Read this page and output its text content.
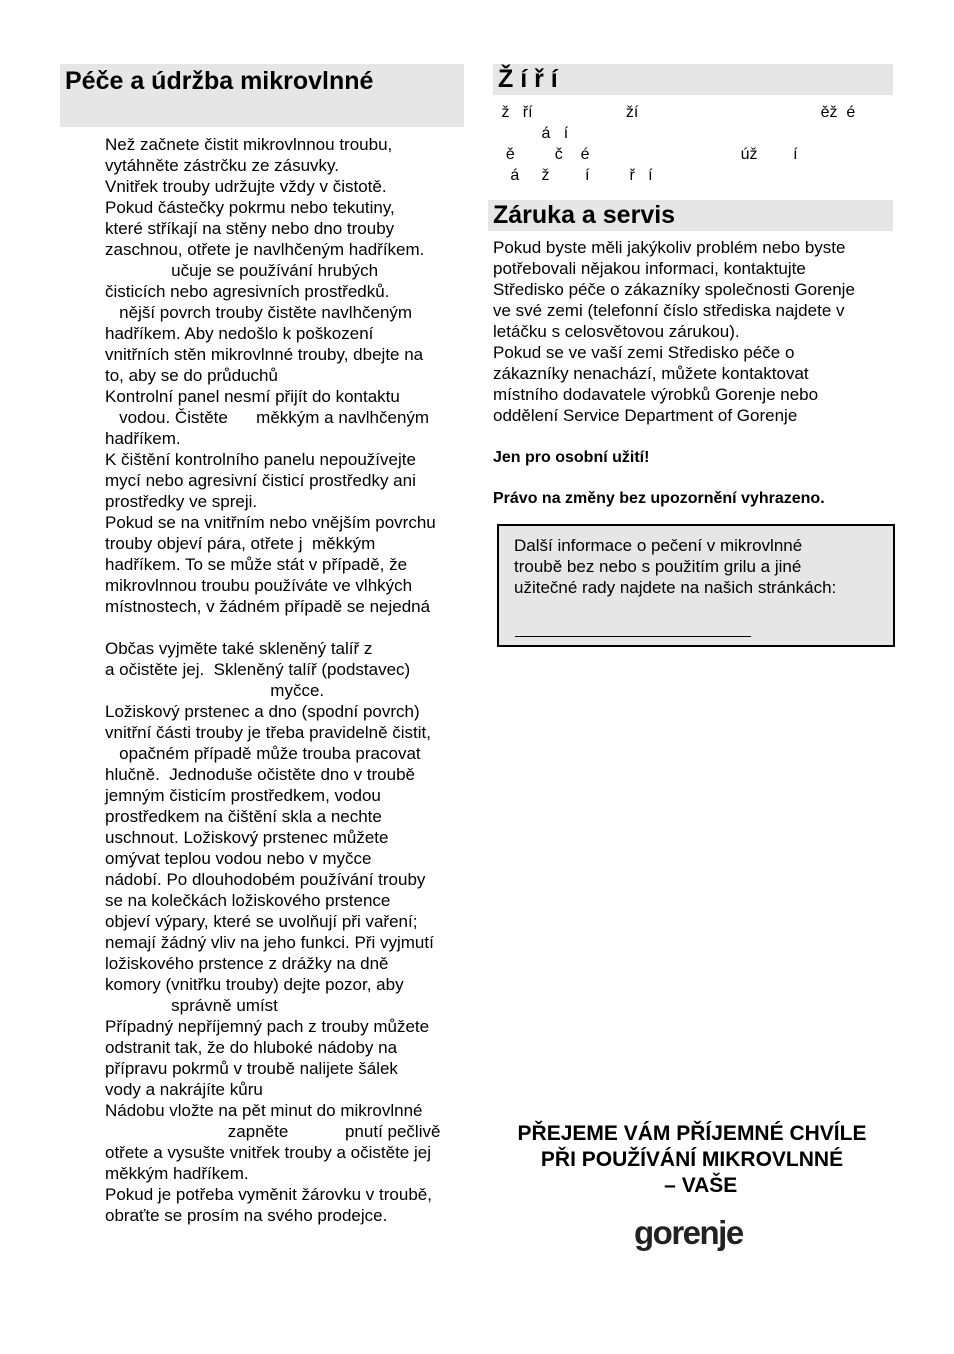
Péče a údržba mikrovlnné
Než začnete čistit mikrovlnnou troubu,
vytáhněte zástrčku ze zásuvky.
Vnitřek trouby udržujte vždy v čistotě.
Pokud částečky pokrmu nebo tekutiny,
které stříkají na stěny nebo dno trouby
zaschnou, otřete je navlhčeným hadříkem.
učuje se používání hrubých
čisticích nebo agresivních prostředků.
nější povrch trouby čistěte navlhčeným
hadříkem. Aby nedošlo k poškození
vnitřních stěn mikrovlnné trouby, dbejte na
to, aby se do průduchů
Kontrolní panel nesmí přijít do kontaktu
vodou. Čistěte      měkkým a navlhčeným
hadříkem.
K čištění kontrolního panelu nepoužívejte
mycí nebo agresivní čisticí prostředky ani
prostředky ve spreji.
Pokud se na vnitřním nebo vnějším povrchu
trouby objeví pára, otřete j  měkkým
hadříkem. To se může stát v případě, že
mikrovlnnou troubu používáte ve vlhkých
místnostech, v žádném případě se nejedná

Občas vyjměte také skleněný talíř z
a očistěte jej.  Skleněný talíř (podstavec)
myčce.
Ložiskový prstenec a dno (spodní povrch)
vnitřní části trouby je třeba pravidelně čistit,
opačném případě může trouba pracovat
hlučně.  Jednoduše očistěte dno v troubě
jemným čisticím prostředkem, vodou
prostředkem na čištění skla a nechte
uschnout. Ložiskový prstenec můžete
omývat teplou vodou nebo v myčce
nádobí. Po dlouhodobém používání trouby
se na kolečkách ložiskového prstence
objeví výpary, které se uvolňují při vaření;
nemají žádný vliv na jeho funkci. Při vyjmutí
ložiskového prstence z drážky na dně
komory (vnitřku trouby) dejte pozor, aby
správně umíst
Případný nepříjemný pach z trouby můžete
odstranit tak, že do hluboké nádoby na
přípravu pokrmů v troubě nalijete šálek
vody a nakrájíte kůru
Nádobu vložte na pět minut do mikrovlnné
zapněte            pnutí pečlivě
otřete a vysušte vnitřek trouby a očistěte jej
měkkým hadříkem.
Pokud je potřeba vyměnit žárovku v troubě,
obraťte se prosím na svého prodejce.
Ž í ř í
ž   ří                     ží                                         ěž  é
á   í
ě         č    é                                  úž        í
á     ž        í         ř   í
Záruka a servis
Pokud byste měli jakýkoliv problém nebo byste
potřebovali nějakou informaci, kontaktujte
Středisko péče o zákazníky společnosti Gorenje
ve své zemi (telefonní číslo střediska najdete v
letáčku s celosvětovou zárukou).
Pokud se ve vaší zemi Středisko péče o
zákazníky nenachází, můžete kontaktovat
místního dodavatele výrobků Gorenje nebo
oddělení Service Department of Gorenje
Jen pro osobní užití!
Právo na změny bez upozornění vyhrazeno.
Další informace o pečení v mikrovlnné
troubě bez nebo s použitím grilu a jiné
užitečné rady najdete na našich stránkách:
PŘEJEME VÁM PŘÍJEMNÉ CHVÍLE
PŘI POUŽÍVÁNÍ MIKROVLNNÉ
– VAŠE
gorenje
